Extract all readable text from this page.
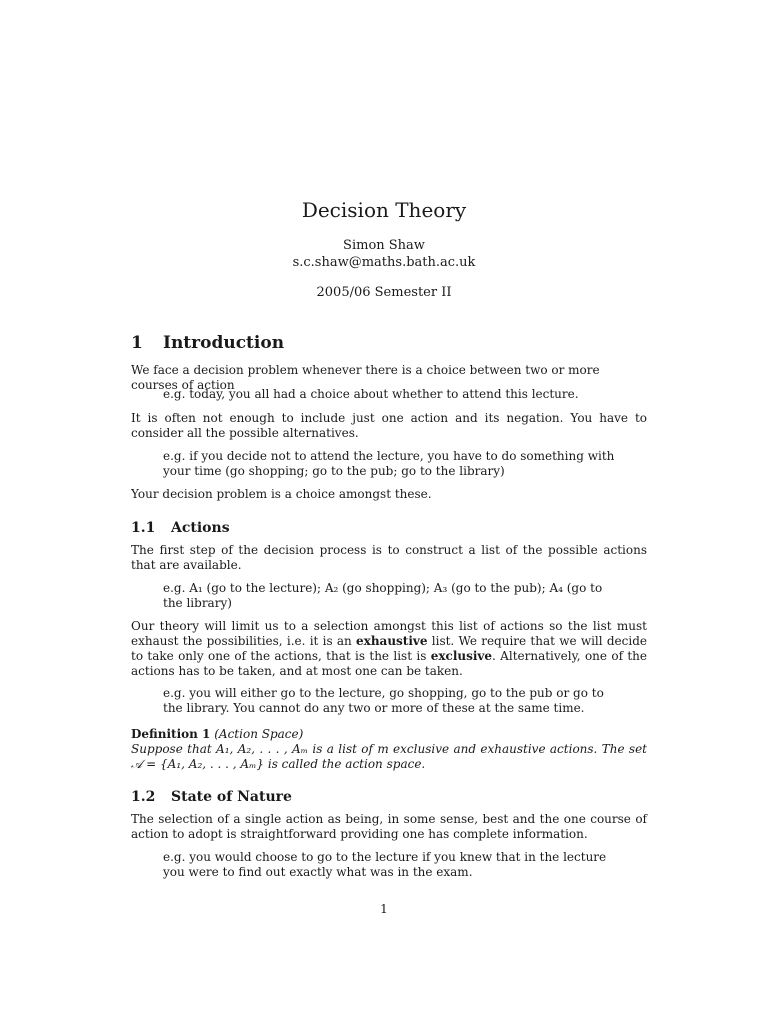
Decision Theory
Simon Shaw
s.c.shaw@maths.bath.ac.uk
2005/06 Semester II
1 Introduction

We face a decision problem whenever there is a choice between two or more courses of action

e.g. today, you all had a choice about whether to attend this lecture.

It is often not enough to include just one action and its negation. You have to consider all the possible alternatives.

e.g. if you decide not to attend the lecture, you have to do something with your time (go shopping; go to the pub; go to the library)

Your decision problem is a choice amongst these.

1.1 Actions

The first step of the decision process is to construct a list of the possible actions that are available.

e.g. A₁ (go to the lecture); A₂ (go shopping); A₃ (go to the pub); A₄ (go to the library)

Our theory will limit us to a selection amongst this list of actions so the list must exhaust the possibilities, i.e. it is an exhaustive list. We require that we will decide to take only one of the actions, that is the list is exclusive. Alternatively, one of the actions has to be taken, and at most one can be taken.

e.g. you will either go to the lecture, go shopping, go to the pub or go to the library. You cannot do any two or more of these at the same time.

Definition 1 (Action Space)
Suppose that A₁, A₂, . . . , Aₘ is a list of m exclusive and exhaustive actions. The set 𝒜 = {A₁, A₂, . . . , Aₘ} is called the action space.

1.2 State of Nature

The selection of a single action as being, in some sense, best and the one course of action to adopt is straightforward providing one has complete information.

e.g. you would choose to go to the lecture if you knew that in the lecture you were to find out exactly what was in the exam.

1
